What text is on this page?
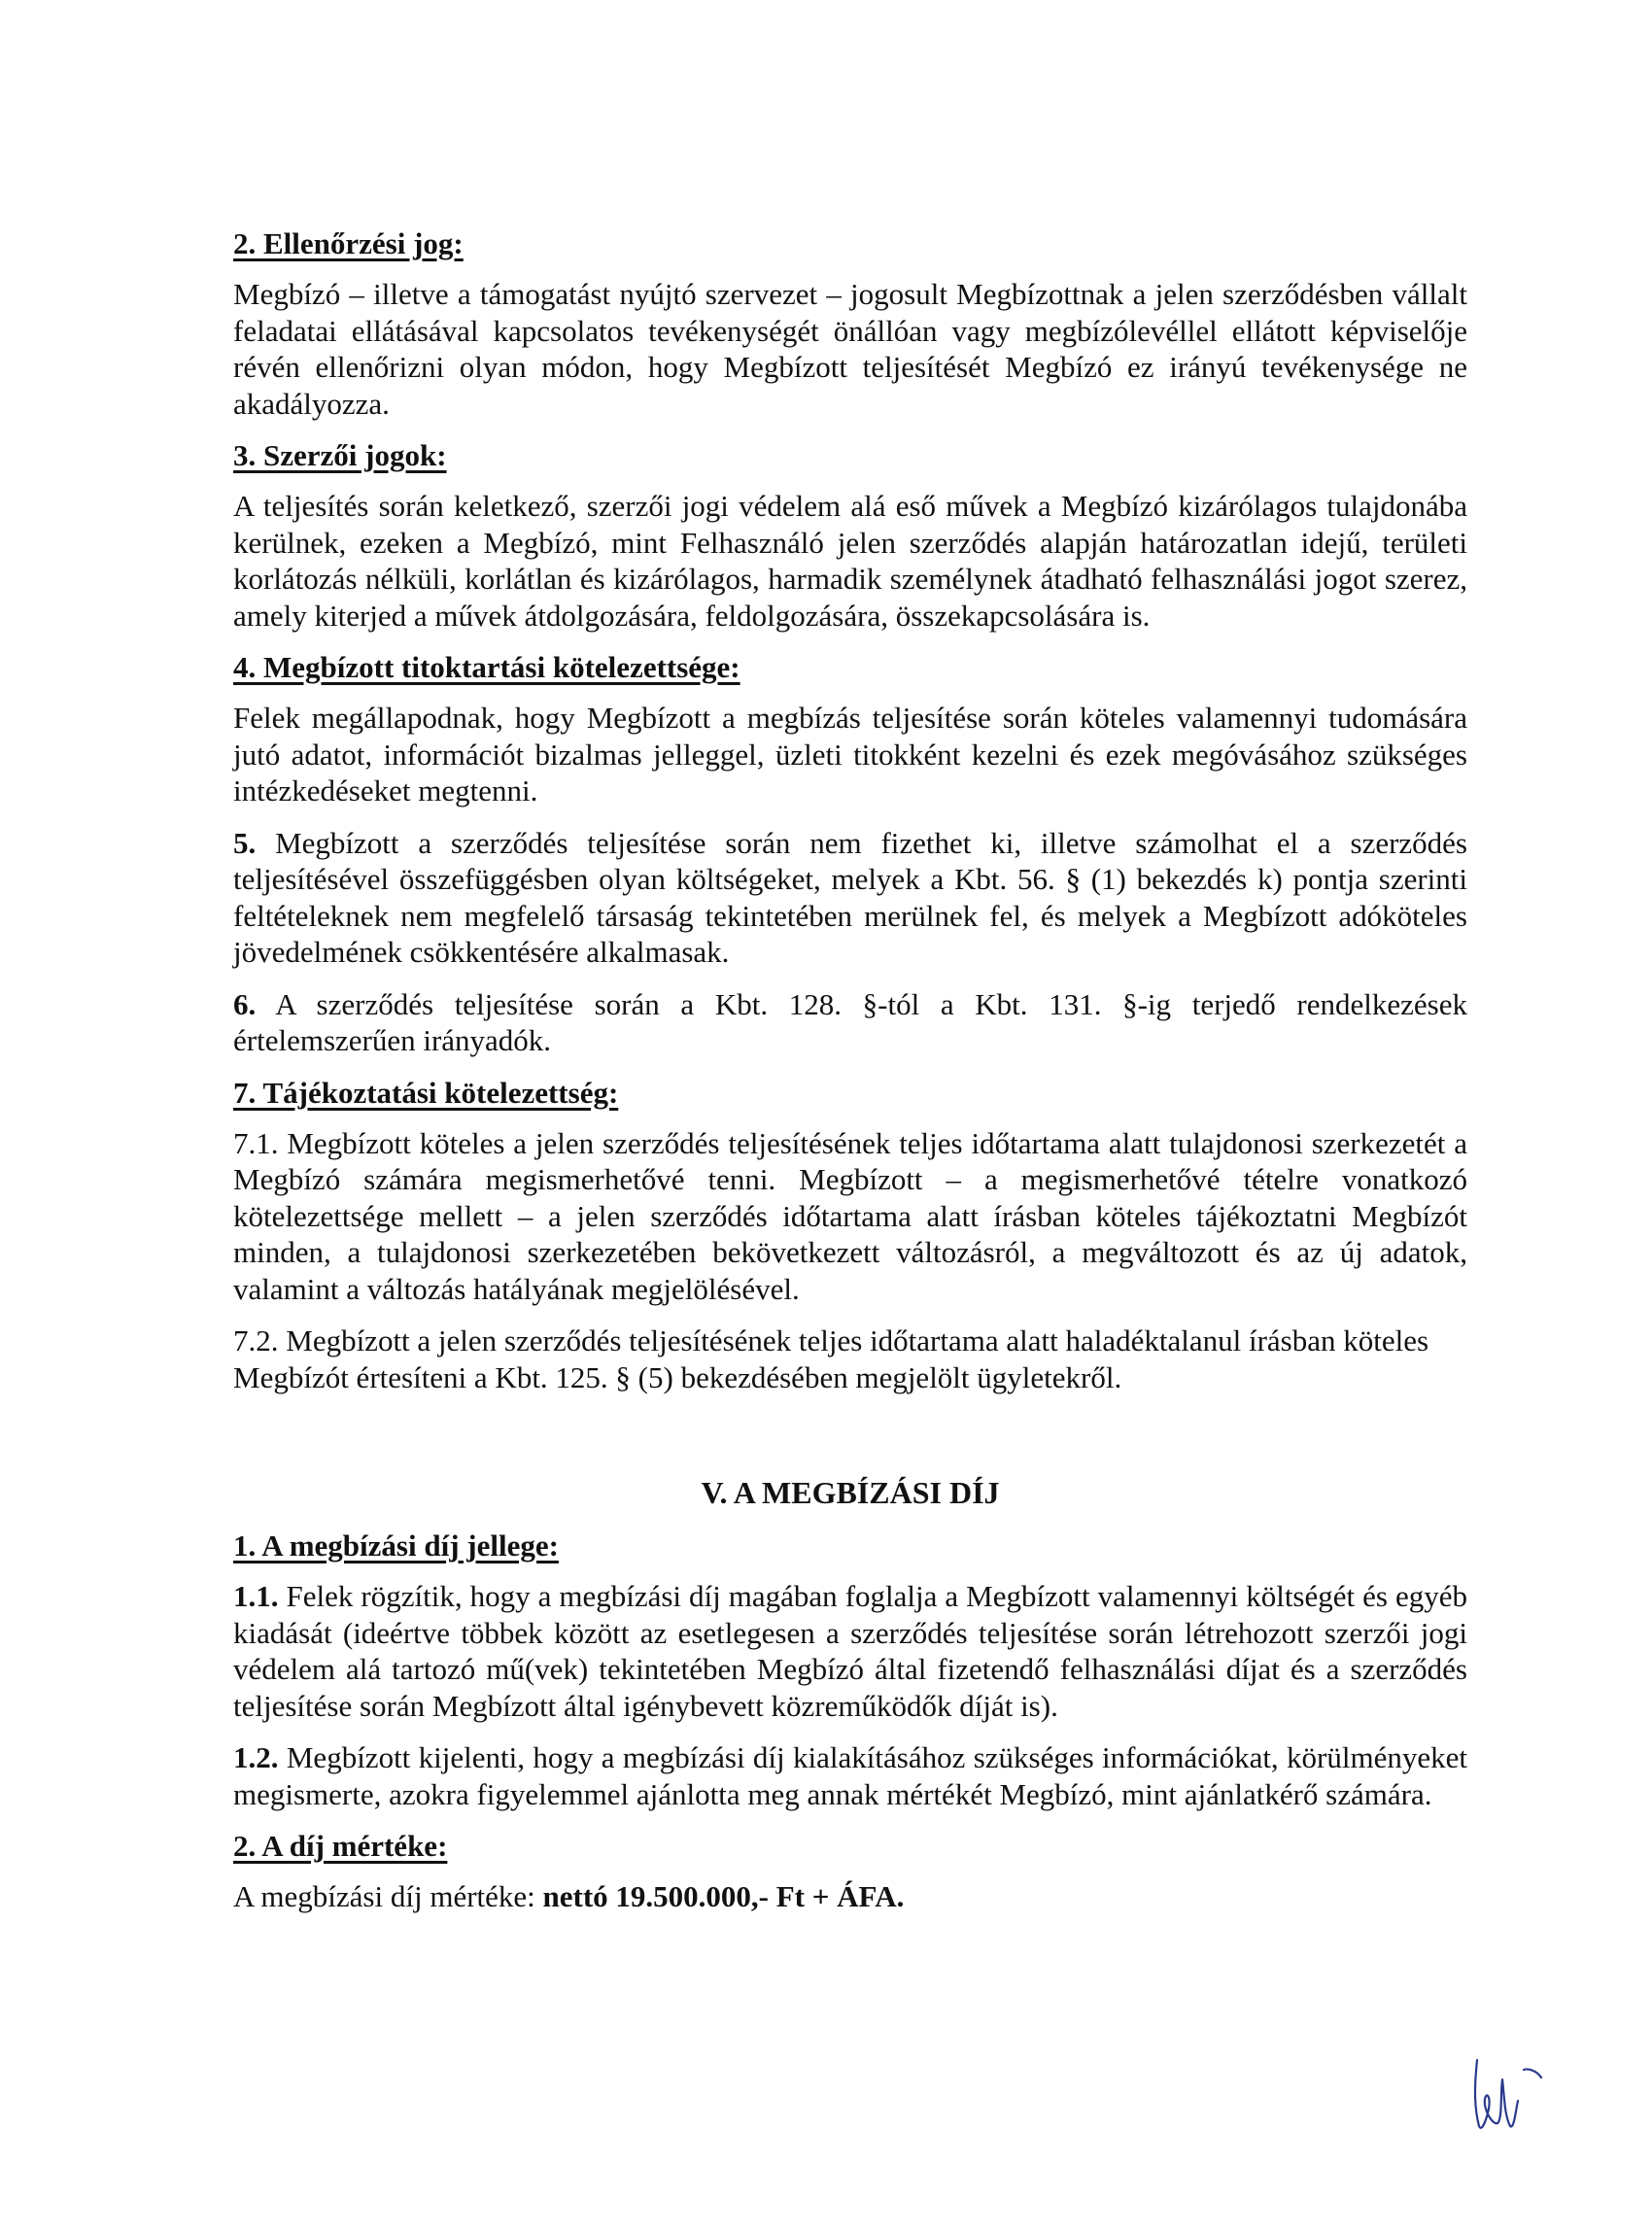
2. Ellenőrzési jog:

Megbízó – illetve a támogatást nyújtó szervezet – jogosult Megbízottnak a jelen szerződésben vállalt feladatai ellátásával kapcsolatos tevékenységét önállóan vagy megbízólevéllel ellátott képviselője révén ellenőrizni olyan módon, hogy Megbízott teljesítését Megbízó ez irányú tevékenysége ne akadályozza.

3. Szerzői jogok:

A teljesítés során keletkező, szerzői jogi védelem alá eső művek a Megbízó kizárólagos tulajdonába kerülnek, ezeken a Megbízó, mint Felhasználó jelen szerződés alapján határozatlan idejű, területi korlátozás nélküli, korlátlan és kizárólagos, harmadik személynek átadható felhasználási jogot szerez, amely kiterjed a művek átdolgozására, feldolgozására, összekapcsolására is.

4. Megbízott titoktartási kötelezettsége:

Felek megállapodnak, hogy Megbízott a megbízás teljesítése során köteles valamennyi tudomására jutó adatot, információt bizalmas jelleggel, üzleti titokként kezelni és ezek megóvásához szükséges intézkedéseket megtenni.

5. Megbízott a szerződés teljesítése során nem fizethet ki, illetve számolhat el a szerződés teljesítésével összefüggésben olyan költségeket, melyek a Kbt. 56. § (1) bekezdés k) pontja szerinti feltételeknek nem megfelelő társaság tekintetében merülnek fel, és melyek a Megbízott adóköteles jövedelmének csökkentésére alkalmasak.

6. A szerződés teljesítése során a Kbt. 128. §-tól a Kbt. 131. §-ig terjedő rendelkezések értelemszerűen irányadók.

7. Tájékoztatási kötelezettség:

7.1. Megbízott köteles a jelen szerződés teljesítésének teljes időtartama alatt tulajdonosi szerkezetét a Megbízó számára megismerhetővé tenni. Megbízott – a megismerhetővé tételre vonatkozó kötelezettsége mellett – a jelen szerződés időtartama alatt írásban köteles tájékoztatni Megbízót minden, a tulajdonosi szerkezetében bekövetkezett változásról, a megváltozott és az új adatok, valamint a változás hatályának megjelölésével.

7.2. Megbízott a jelen szerződés teljesítésének teljes időtartama alatt haladéktalanul írásban köteles Megbízót értesíteni a Kbt. 125. § (5) bekezdésében megjelölt ügyletekről.

V. A MEGBÍZÁSI DÍJ
1. A megbízási díj jellege:

1.1. Felek rögzítik, hogy a megbízási díj magában foglalja a Megbízott valamennyi költségét és egyéb kiadását (ideértve többek között az esetlegesen a szerződés teljesítése során létrehozott szerzői jogi védelem alá tartozó mű(vek) tekintetében Megbízó által fizetendő felhasználási díjat és a szerződés teljesítése során Megbízott által igénybevett közreműködők díját is).

1.2. Megbízott kijelenti, hogy a megbízási díj kialakításához szükséges információkat, körülményeket megismerte, azokra figyelemmel ajánlotta meg annak mértékét Megbízó, mint ajánlatkérő számára.

2. A díj mértéke:

A megbízási díj mértéke: nettó 19.500.000,- Ft + ÁFA.
